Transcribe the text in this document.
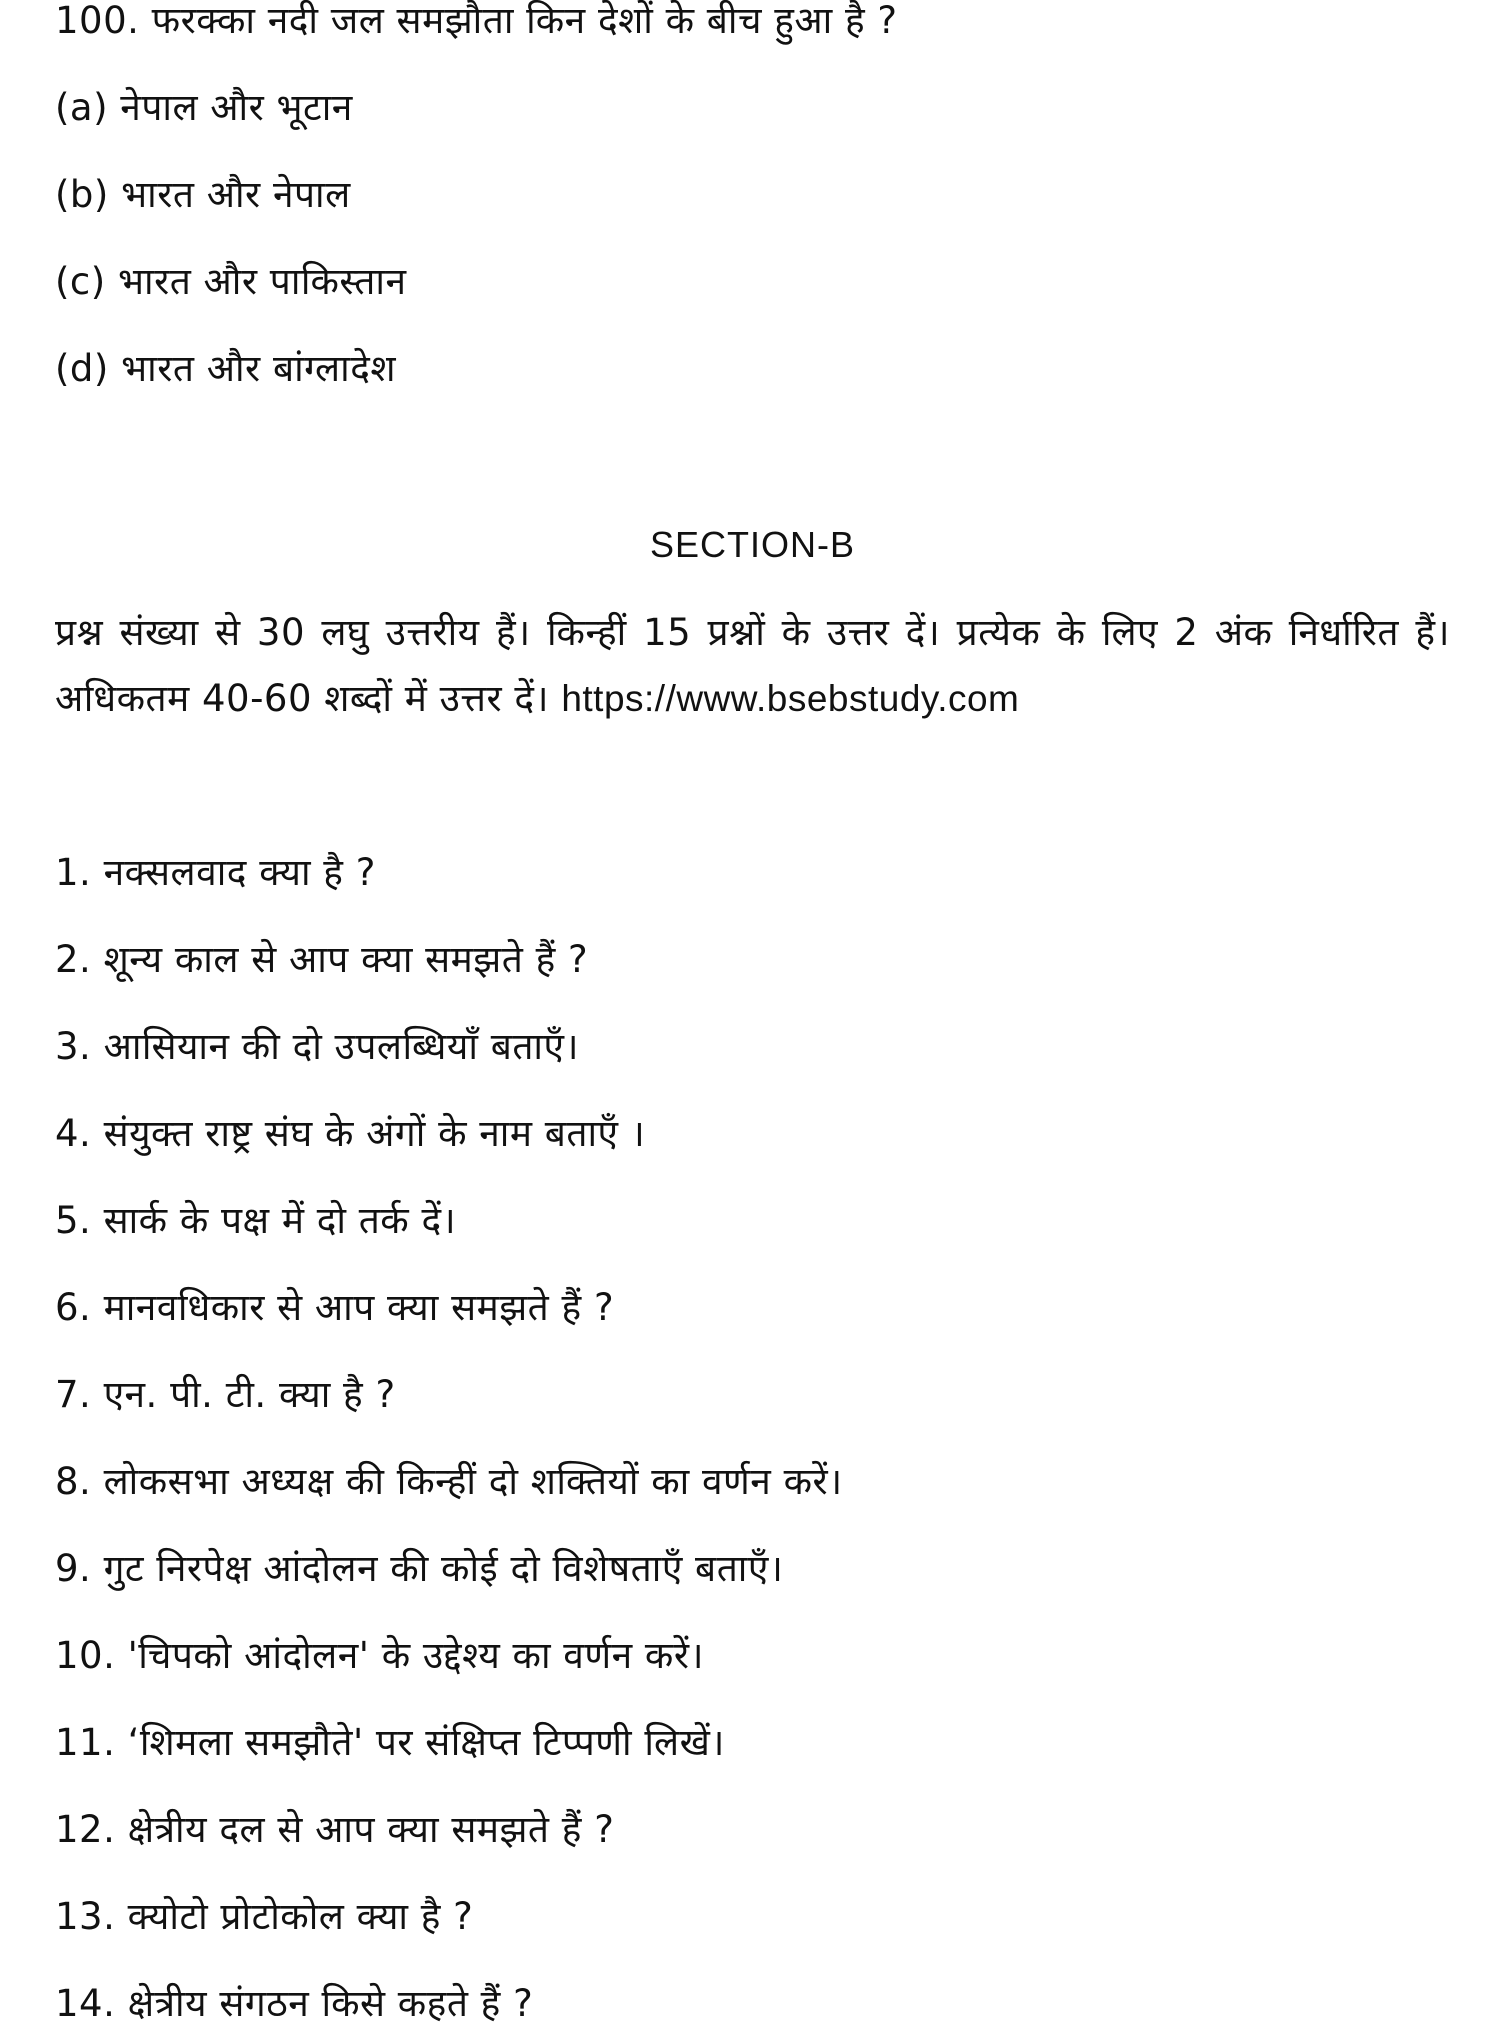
100. फरक्का नदी जल समझौता किन देशों के बीच हुआ है ?
(a) नेपाल और भूटान
(b) भारत और नेपाल
(c) भारत और पाकिस्तान
(d) भारत और बांग्लादेश
SECTION-B
प्रश्न संख्या से 30 लघु उत्तरीय हैं। किन्हीं 15 प्रश्नों के उत्तर दें। प्रत्येक के लिए 2 अंक निर्धारित हैं। अधिकतम 40-60 शब्दों में उत्तर दें। https://www.bsebstudy.com
1. नक्सलवाद क्या है ?
2. शून्य काल से आप क्या समझते हैं ?
3. आसियान की दो उपलब्धियाँ बताएँ।
4. संयुक्त राष्ट्र संघ के अंगों के नाम बताएँ ।
5. सार्क के पक्ष में दो तर्क दें।
6. मानवधिकार से आप क्या समझते हैं ?
7. एन. पी. टी. क्या है ?
8. लोकसभा अध्यक्ष की किन्हीं दो शक्तियों का वर्णन करें।
9. गुट निरपेक्ष आंदोलन की कोई दो विशेषताएँ बताएँ।
10. 'चिपको आंदोलन' के उद्देश्य का वर्णन करें।
11. ‘शिमला समझौते' पर संक्षिप्त टिप्पणी लिखें।
12. क्षेत्रीय दल से आप क्या समझते हैं ?
13. क्योटो प्रोटोकोल क्या है ?
14. क्षेत्रीय संगठन किसे कहते हैं ?
